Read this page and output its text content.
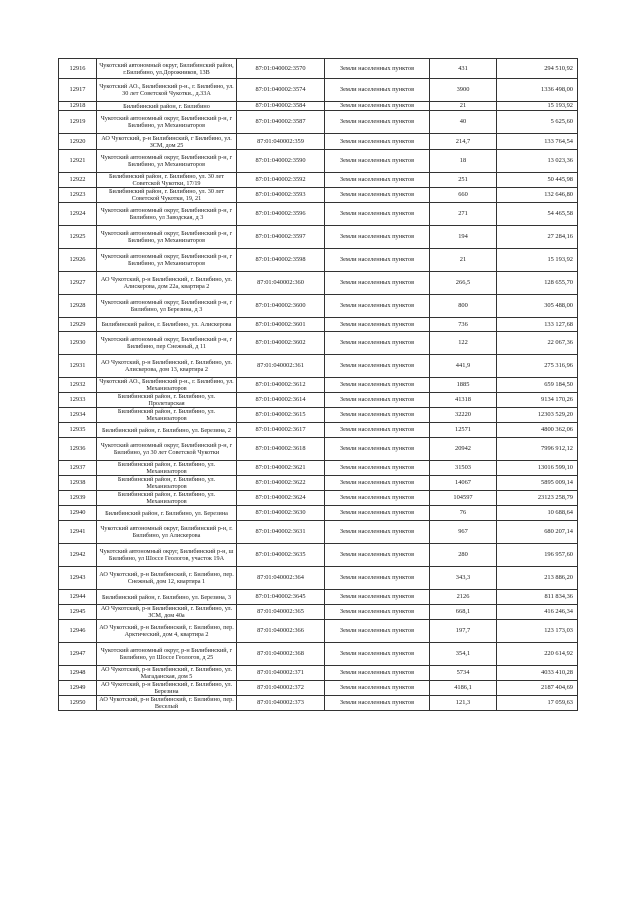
12916	Чукотский автономный округ, Билибинский район, г.Билибино, ул.Дорожников, 13В	87:01:040002:3570	Земли населенных пунктов	431	294 510,92
12917	Чукотский АО., Билибинский р-н., г. Билибино, ул. 30 лет Советской Чукотки., д.33А	87:01:040002:3574	Земли населенных пунктов	3900	1336 498,00
12918	Билибинский район, г. Билибино	87:01:040002:3584	Земли населенных пунктов	21	15 193,92
12919	Чукотский автономный округ, Билибинский р-н, г Билибино, ул Механизаторов	87:01:040002:3587	Земли населенных пунктов	40	5 625,60
12920	АО Чукотский, р-н Билибинский, г Билибино, ул. ЗСМ, дом 25	87:01:040002:359	Земли населенных пунктов	214,7	133 764,54
12921	Чукотский автономный округ, Билибинский р-н, г Билибино, ул Механизаторов	87:01:040002:3590	Земли населенных пунктов	18	13 023,36
12922	Билибинский район, г. Билибино, ул. 30 лет Советской Чукотки, 17/19	87:01:040002:3592	Земли населенных пунктов	251	50 445,98
12923	Билибинский район, г. Билибино, ул. 30 лет Советской Чукотки, 19, 21	87:01:040002:3593	Земли населенных пунктов	660	132 646,80
12924	Чукотский автономный округ, Билибинский р-н, г Билибино, ул Заводская, д 3	87:01:040002:3596	Земли населенных пунктов	271	54 465,58
12925	Чукотский автономный округ, Билибинский р-н, г Билибино, ул Механизаторов	87:01:040002:3597	Земли населенных пунктов	194	27 284,16
12926	Чукотский автономный округ, Билибинский р-н, г Билибино, ул Механизаторов	87:01:040002:3598	Земли населенных пунктов	21	15 193,92
12927	АО Чукотский, р-н Билибинский, г. Билибино, ул. Алискерова, дом 22а, квартира 2	87:01:040002:360	Земли населенных пунктов	266,5	128 655,70
12928	Чукотский автономный округ, Билибинский р-н, г Билибино, ул Березина, д 3	87:01:040002:3600	Земли населенных пунктов	800	305 488,00
12929	Билибинский район, г. Билибино, ул. Алискерова	87:01:040002:3601	Земли населенных пунктов	736	133 127,68
12930	Чукотский автономный округ, Билибинский р-н, г Билибино, пер Снежный, д 11	87:01:040002:3602	Земли населенных пунктов	122	22 067,36
12931	АО Чукотский, р-н Билибинский, г. Билибино, ул. Алискерова, дом 13, квартира 2	87:01:040002:361	Земли населенных пунктов	441,9	275 316,96
12932	Чукотский АО., Билибинский р-н., г. Билибино, ул. Механизаторов	87:01:040002:3612	Земли населенных пунктов	1885	659 184,50
12933	Билибинский район, г. Билибино, ул. Пролетарская	87:01:040002:3614	Земли населенных пунктов	41318	9134 170,26
12934	Билибинский район, г. Билибино, ул. Механизаторов	87:01:040002:3615	Земли населенных пунктов	32220	12303 529,20
12935	Билибинский район, г. Билибино, ул. Березина, 2	87:01:040002:3617	Земли населенных пунктов	12571	4800 362,06
12936	Чукотский автономный округ, Билибинский р-н, г Билибино, ул 30 лет Советской Чукотки	87:01:040002:3618	Земли населенных пунктов	20942	7996 912,12
12937	Билибинский район, г. Билибино, ул. Механизаторов	87:01:040002:3621	Земли населенных пунктов	31503	13016 599,10
12938	Билибинский район, г. Билибино, ул. Механизаторов	87:01:040002:3622	Земли населенных пунктов	14067	5895 009,14
12939	Билибинский район, г. Билибино, ул. Механизаторов	87:01:040002:3624	Земли населенных пунктов	104597	23123 258,79
12940	Билибинский район, г. Билибино, ул. Березина	87:01:040002:3630	Земли населенных пунктов	76	10 688,64
12941	Чукотский автономный округ, Билибинский р-н, г. Билибино, ул Алискерова	87:01:040002:3631	Земли населенных пунктов	967	680 207,14
12942	Чукотский автономный округ, Билибинский р-н, ш Билибино, ул Шоссе Геологов, участок 19А	87:01:040002:3635	Земли населенных пунктов	280	196 957,60
12943	АО Чукотский, р-н Билибинский, г. Билибино, пер. Снежный, дом 12, квартира 1	87:01:040002:364	Земли населенных пунктов	343,3	213 886,20
12944	Билибинский район, г. Билибино, ул. Березина, 3	87:01:040002:3645	Земли населенных пунктов	2126	811 834,36
12945	АО Чукотский, р-н Билибинский, г. Билибино, ул. ЗСМ, дом 40а	87:01:040002:365	Земли населенных пунктов	668,1	416 246,34
12946	АО Чукотский, р-н Билибинский, г. Билибино, пер. Арктический, дом 4, квартира 2	87:01:040002:366	Земли населенных пунктов	197,7	123 173,03
12947	Чукотский автономный округ, р-н Билибинский, г Билибино, ул Шоссе Геологов, д 25	87:01:040002:368	Земли населенных пунктов	354,1	220 614,92
12948	АО Чукотский, р-н Билибинский, г. Билибино, ул. Магаданская, дом 5	87:01:040002:371	Земли населенных пунктов	5734	4033 410,28
12949	АО Чукотский, р-н Билибинский, г. Билибино, ул. Березина	87:01:040002:372	Земли населенных пунктов	4186,1	2187 404,69
12950	АО Чукотский, р-н Билибинский, г. Билибино, пер. Веселый	87:01:040002:373	Земли населенных пунктов	121,3	17 059,63
